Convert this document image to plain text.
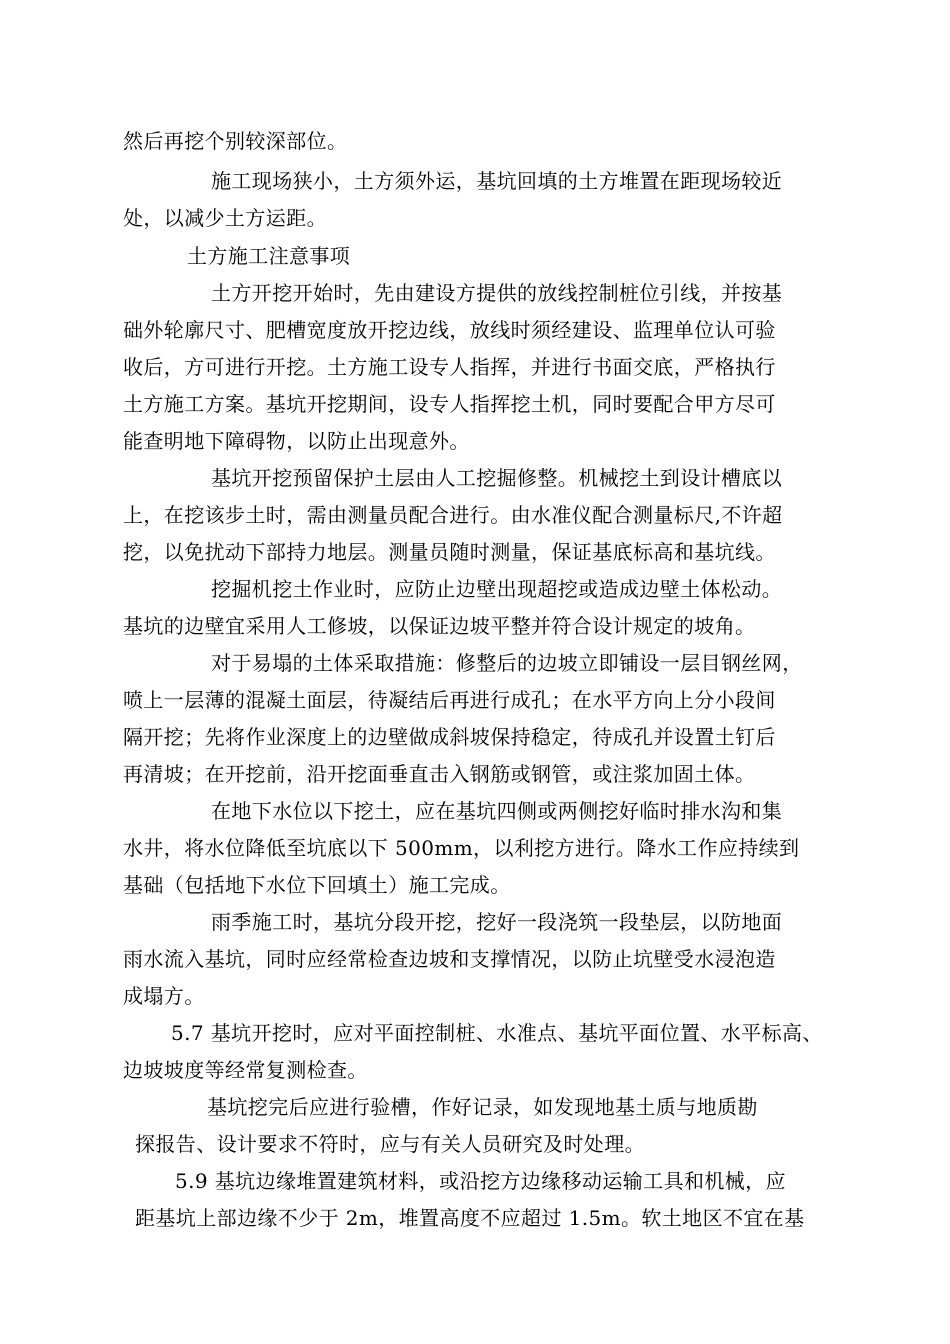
然后再挖个别较深部位。
施工现场狭小，土方须外运，基坑回填的土方堆置在距现场较近
处，以减少土方运距。
土方施工注意事项
土方开挖开始时，先由建设方提供的放线控制桩位引线，并按基
础外轮廓尺寸、肥槽宽度放开挖边线，放线时须经建设、监理单位认可验
收后，方可进行开挖。土方施工设专人指挥，并进行书面交底，严格执行
土方施工方案。基坑开挖期间，设专人指挥挖土机，同时要配合甲方尽可
能查明地下障碍物，以防止出现意外。
基坑开挖预留保护土层由人工挖掘修整。机械挖土到设计槽底以
上，在挖该步土时，需由测量员配合进行。由水准仪配合测量标尺,不许超
挖，以免扰动下部持力地层。测量员随时测量，保证基底标高和基坑线。
挖掘机挖土作业时，应防止边壁出现超挖或造成边壁土体松动。
基坑的边壁宜采用人工修坡，以保证边坡平整并符合设计规定的坡角。
对于易塌的土体采取措施：修整后的边坡立即铺设一层目钢丝网，
喷上一层薄的混凝土面层，待凝结后再进行成孔；在水平方向上分小段间
隔开挖；先将作业深度上的边壁做成斜坡保持稳定，待成孔并设置土钉后
再清坡；在开挖前，沿开挖面垂直击入钢筋或钢管，或注浆加固土体。
在地下水位以下挖土，应在基坑四侧或两侧挖好临时排水沟和集
水井，将水位降低至坑底以下 500mm，以利挖方进行。降水工作应持续到
基础（包括地下水位下回填土）施工完成。
雨季施工时，基坑分段开挖，挖好一段浇筑一段垫层，以防地面
雨水流入基坑，同时应经常检查边坡和支撑情况，以防止坑壁受水浸泡造
成塌方。
5.7 基坑开挖时，应对平面控制桩、水准点、基坑平面位置、水平标高、
边坡坡度等经常复测检查。
基坑挖完后应进行验槽，作好记录，如发现地基土质与地质勘
探报告、设计要求不符时，应与有关人员研究及时处理。
5.9 基坑边缘堆置建筑材料，或沿挖方边缘移动运输工具和机械，应
距基坑上部边缘不少于 2m，堆置高度不应超过 1.5m。软土地区不宜在基
